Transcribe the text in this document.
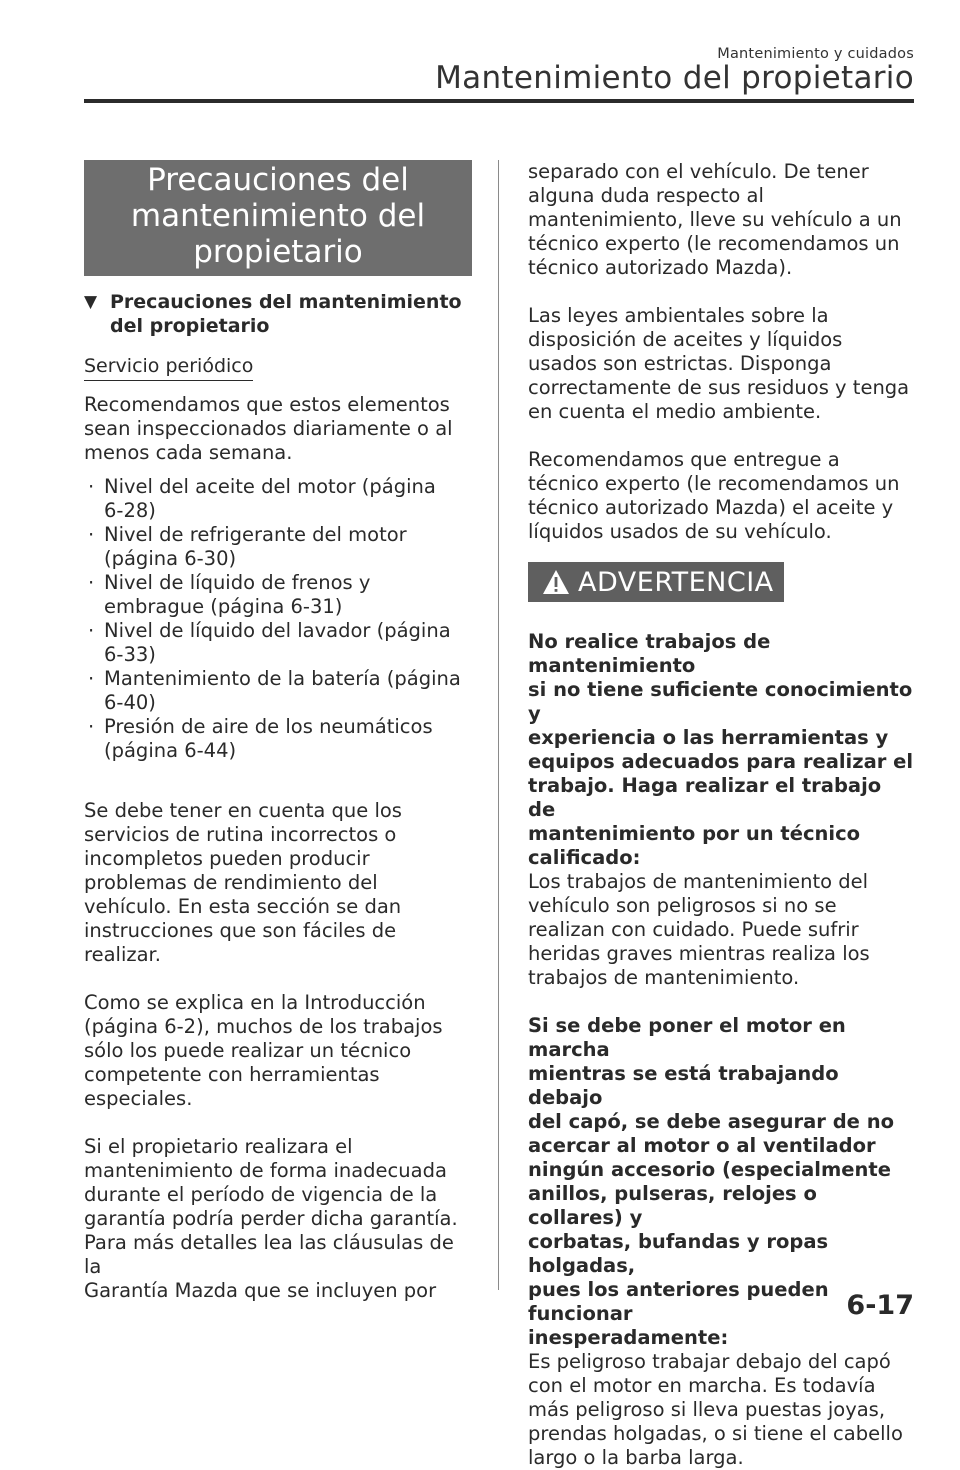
Mantenimiento y cuidados
Mantenimiento del propietario
Precauciones del
mantenimiento del
propietario
▼ Precauciones del mantenimiento
del propietario
Servicio periódico

Recomendamos que estos elementos

sean inspeccionados diariamente o al

menos cada semana.

· Nivel del aceite del motor (página
6-28)
· Nivel de refrigerante del motor
(página 6-30)
· Nivel de líquido de frenos y
embrague (página 6-31)
· Nivel de líquido del lavador (página
6-33)
· Mantenimiento de la batería (página
6-40)
· Presión de aire de los neumáticos
(página 6-44)

Se debe tener en cuenta que los

servicios de rutina incorrectos o

incompletos pueden producir

problemas de rendimiento del

vehículo. En esta sección se dan

instrucciones que son fáciles de

realizar.

Como se explica en la Introducción

(página 6-2), muchos de los trabajos

sólo los puede realizar un técnico

competente con herramientas

especiales.

Si el propietario realizara el

mantenimiento de forma inadecuada

durante el período de vigencia de la

garantía podría perder dicha garantía.

Para más detalles lea las cláusulas de la

Garantía Mazda que se incluyen por

separado con el vehículo. De tener

alguna duda respecto al

mantenimiento, lleve su vehículo a un

técnico experto (le recomendamos un

técnico autorizado Mazda).

Las leyes ambientales sobre la

disposición de aceites y líquidos

usados son estrictas. Disponga

correctamente de sus residuos y tenga

en cuenta el medio ambiente.

Recomendamos que entregue a

técnico experto (le recomendamos un

técnico autorizado Mazda) el aceite y

líquidos usados de su vehículo.

ADVERTENCIA

No realice trabajos de mantenimiento

si no tiene suficiente conocimiento y

experiencia o las herramientas y

equipos adecuados para realizar el

trabajo. Haga realizar el trabajo de

mantenimiento por un técnico

calificado:

Los trabajos de mantenimiento del

vehículo son peligrosos si no se

realizan con cuidado. Puede sufrir

heridas graves mientras realiza los

trabajos de mantenimiento.

Si se debe poner el motor en marcha

mientras se está trabajando debajo

del capó, se debe asegurar de no

acercar al motor o al ventilador

ningún accesorio (especialmente

anillos, pulseras, relojes o collares) y

corbatas, bufandas y ropas holgadas,

pues los anteriores pueden funcionar

inesperadamente:

Es peligroso trabajar debajo del capó

con el motor en marcha. Es todavía

más peligroso si lleva puestas joyas,

prendas holgadas, o si tiene el cabello

largo o la barba larga.

6-17
